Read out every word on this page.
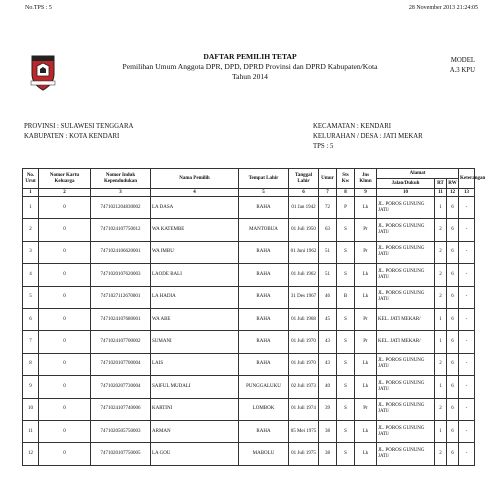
No.TPS : 5	28 November 2013 21:24:05
DAFTAR PEMILIH TETAP
Pemilihan Umum Anggota DPR, DPD, DPRD Provinsi dan DPRD Kabupaten/Kota
Tahun 2014
MODEL
A.3 KPU
PROVINSI : SULAWESI TENGGARA
KABUPATEN : KOTA KENDARI
KECAMATAN : KENDARI
KELURAHAN / DESA : JATI MEKAR
TPS : 5
No. Urut	Nomor Kartu Keluarga	Nomor Induk Kependudukan	Nama Pemilih	Tempat Lahir	Tanggal Lahir	Umur	Sts Kw	Jns Klmn	Alamat			Keterangan
									Jalan/Dukuh	RT	RW	
1	2	3	4	5	6	7	8	9	10	11	12	13
1	0	7471021204830002	LA DASA	RAHA	01 Jan 1942	72	P	Lk	JL. POROS GUNUNG JATI/	1	6	-
2	0	7471024107750012	WA KATEMBE	MANTOBUA	01 Juli 1950	63	S	Pr	JL. POROS GUNUNG JATI/	2	6	-
3	0	7471024106620001	WA IMBU	RAHA	01 Juni 1962	51	S	Pr	JL. POROS GUNUNG JATI/	2	6	-
4	0	7471020107620003	LAODE BALI	RAHA	01 Juli 1962	51	S	Lk	JL. POROS GUNUNG JATI/	2	6	-
5	0	7471027112670001	LA HADIA	RAHA	31 Des 1967	46	B	Lk	JL. POROS GUNUNG JATI/	2	6	-
6	0	7471024107680001	WA ABE	RAHA	01 Juli 1968	45	S	Pr	KEL. JATI MEKAR/	1	6	-
7	0	7471024107700002	SUMANI	RAHA	01 Juli 1970	43	S	Pr	KEL. JATI MEKAR/	1	6	-
8	0	7471020107700004	LAIS	RAHA	01 Juli 1970	43	S	Lk	JL. POROS GUNUNG JATI/	2	6	-
9	0	7471020207730004	SAIFUL MUDALI	PUNGGALUKU	02 Juli 1973	40	S	Lk	JL. POROS GUNUNG JATI/	1	6	-
10	0	7471024107740006	KARTINI	LOMBOK	01 Juli 1974	39	S	Pr	JL. POROS GUNUNG JATI/	2	6	-
11	0	7471020505750003	ARMAN	RAHA	05 Mei 1975	38	S	Lk	JL. POROS GUNUNG JATI/	1	6	-
12	0	7471020107750005	LA GOU	MABOLU	01 Juli 1975	38	S	Lk	JL. POROS GUNUNG JATI/	2	6	-
